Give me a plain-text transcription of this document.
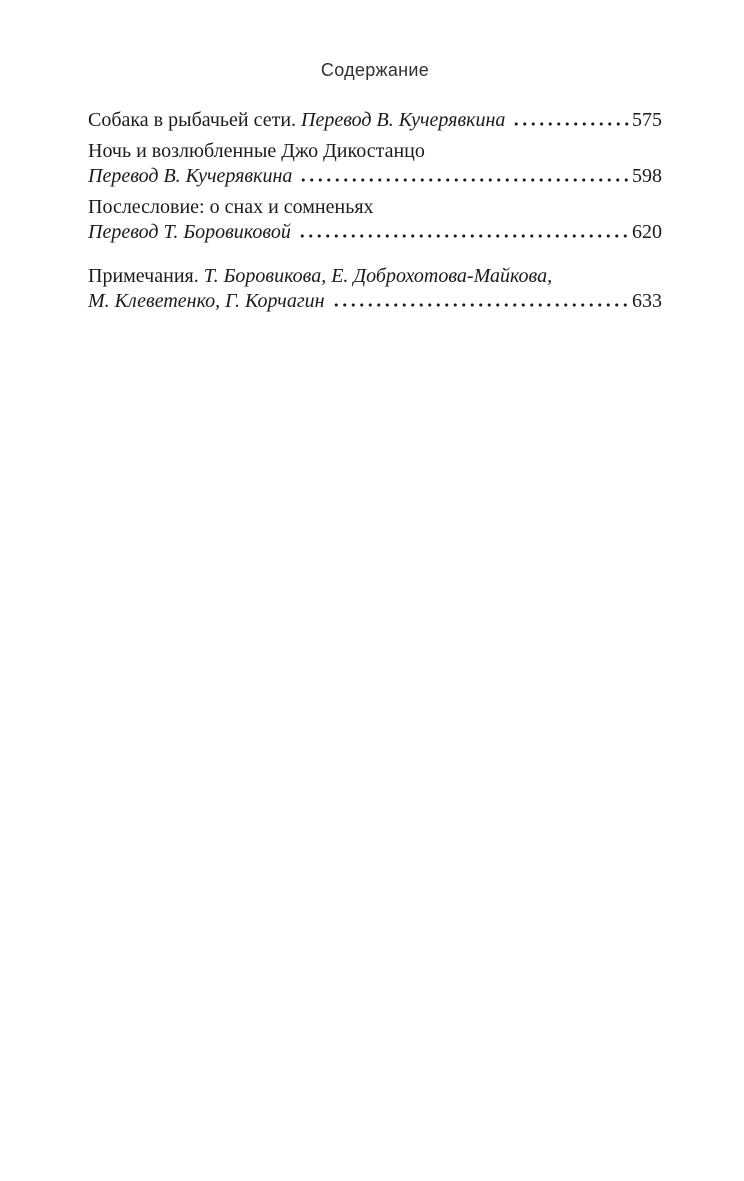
Содержание
Собака в рыбачьей сети. Перевод В. Кучерявкина	575
Ночь и возлюбленные Джо Дикостанцо
Перевод В. Кучерявкина	598
Послесловие: о снах и сомненьях
Перевод Т. Боровиковой	620
Примечания. Т. Боровикова, Е. Доброхотова-Майкова,
М. Клеветенко, Г. Корчагин	633
